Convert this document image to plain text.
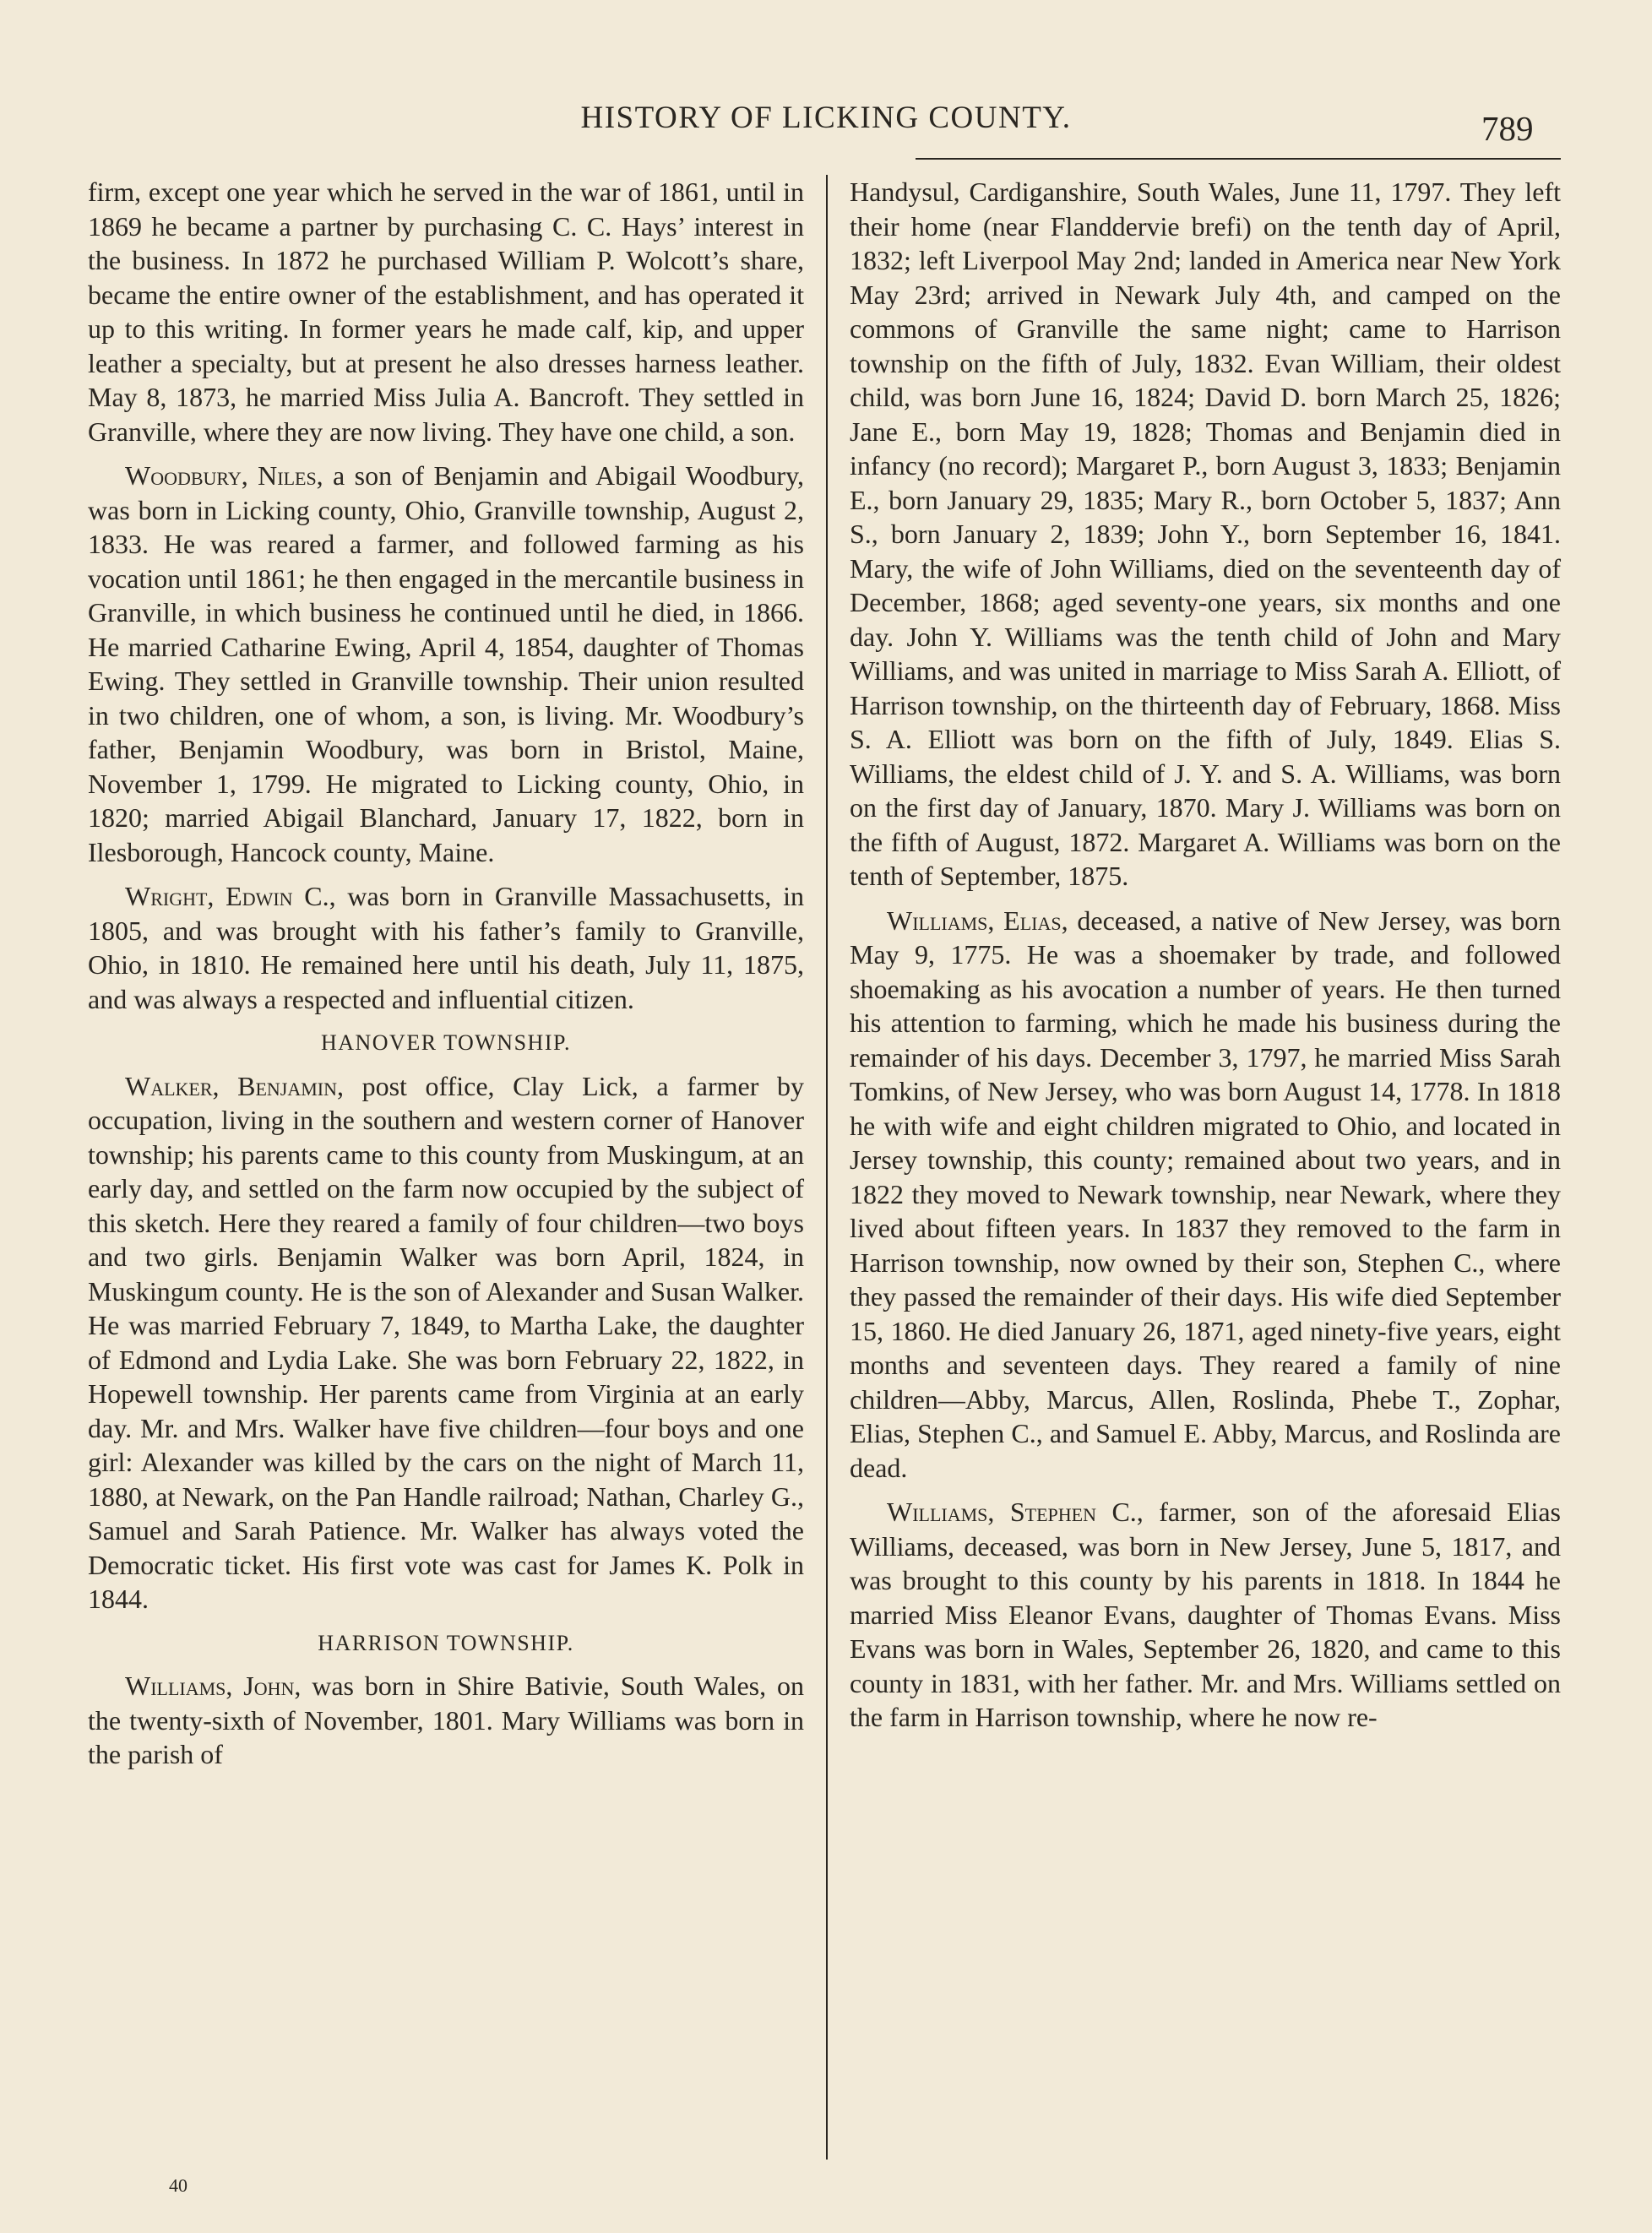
HISTORY OF LICKING COUNTY.	789

firm, except one year which he served in the war of 1861, until in 1869 he became a partner by purchasing C. C. Hays’ interest in the business. In 1872 he purchased William P. Wolcott’s share, became the entire owner of the establishment, and has operated it up to this writing. In former years he made calf, kip, and upper leather a specialty, but at present he also dresses harness leather. May 8, 1873, he married Miss Julia A. Bancroft. They settled in Granville, where they are now living. They have one child, a son.

Woodbury, Niles, a son of Benjamin and Abigail Woodbury, was born in Licking county, Ohio, Granville township, August 2, 1833. He was reared a farmer, and followed farming as his vocation until 1861; he then engaged in the mercantile business in Granville, in which business he continued until he died, in 1866. He married Catharine Ewing, April 4, 1854, daughter of Thomas Ewing. They settled in Granville township. Their union resulted in two children, one of whom, a son, is living. Mr. Woodbury’s father, Benjamin Woodbury, was born in Bristol, Maine, November 1, 1799. He migrated to Licking county, Ohio, in 1820; married Abigail Blanchard, January 17, 1822, born in Ilesborough, Hancock county, Maine.

Wright, Edwin C., was born in Granville Massachusetts, in 1805, and was brought with his father’s family to Granville, Ohio, in 1810. He remained here until his death, July 11, 1875, and was always a respected and influential citizen.

HANOVER TOWNSHIP.

Walker, Benjamin, post office, Clay Lick, a farmer by occupation, living in the southern and western corner of Hanover township; his parents came to this county from Muskingum, at an early day, and settled on the farm now occupied by the subject of this sketch. Here they reared a family of four children—two boys and two girls. Benjamin Walker was born April, 1824, in Muskingum county. He is the son of Alexander and Susan Walker. He was married February 7, 1849, to Martha Lake, the daughter of Edmond and Lydia Lake. She was born February 22, 1822, in Hopewell township. Her parents came from Virginia at an early day. Mr. and Mrs. Walker have five children—four boys and one girl: Alexander was killed by the cars on the night of March 11, 1880, at Newark, on the Pan Handle railroad; Nathan, Charley G., Samuel and Sarah Patience. Mr. Walker has always voted the Democratic ticket. His first vote was cast for James K. Polk in 1844.

HARRISON TOWNSHIP.

Williams, John, was born in Shire Bativie, South Wales, on the twenty-sixth of November, 1801. Mary Williams was born in the parish of

Handysul, Cardiganshire, South Wales, June 11, 1797. They left their home (near Flanddervie brefi) on the tenth day of April, 1832; left Liverpool May 2nd; landed in America near New York May 23rd; arrived in Newark July 4th, and camped on the commons of Granville the same night; came to Harrison township on the fifth of July, 1832. Evan William, their oldest child, was born June 16, 1824; David D. born March 25, 1826; Jane E., born May 19, 1828; Thomas and Benjamin died in infancy (no record); Margaret P., born August 3, 1833; Benjamin E., born January 29, 1835; Mary R., born October 5, 1837; Ann S., born January 2, 1839; John Y., born September 16, 1841. Mary, the wife of John Williams, died on the seventeenth day of December, 1868; aged seventy-one years, six months and one day. John Y. Williams was the tenth child of John and Mary Williams, and was united in marriage to Miss Sarah A. Elliott, of Harrison township, on the thirteenth day of February, 1868. Miss S. A. Elliott was born on the fifth of July, 1849. Elias S. Williams, the eldest child of J. Y. and S. A. Williams, was born on the first day of January, 1870. Mary J. Williams was born on the fifth of August, 1872. Margaret A. Williams was born on the tenth of September, 1875.

Williams, Elias, deceased, a native of New Jersey, was born May 9, 1775. He was a shoemaker by trade, and followed shoemaking as his avocation a number of years. He then turned his attention to farming, which he made his business during the remainder of his days. December 3, 1797, he married Miss Sarah Tomkins, of New Jersey, who was born August 14, 1778. In 1818 he with wife and eight children migrated to Ohio, and located in Jersey township, this county; remained about two years, and in 1822 they moved to Newark township, near Newark, where they lived about fifteen years. In 1837 they removed to the farm in Harrison township, now owned by their son, Stephen C., where they passed the remainder of their days. His wife died September 15, 1860. He died January 26, 1871, aged ninety-five years, eight months and seventeen days. They reared a family of nine children—Abby, Marcus, Allen, Roslinda, Phebe T., Zophar, Elias, Stephen C., and Samuel E. Abby, Marcus, and Roslinda are dead.

Williams, Stephen C., farmer, son of the aforesaid Elias Williams, deceased, was born in New Jersey, June 5, 1817, and was brought to this county by his parents in 1818. In 1844 he married Miss Eleanor Evans, daughter of Thomas Evans. Miss Evans was born in Wales, September 26, 1820, and came to this county in 1831, with her father. Mr. and Mrs. Williams settled on the farm in Harrison township, where he now re-

40
